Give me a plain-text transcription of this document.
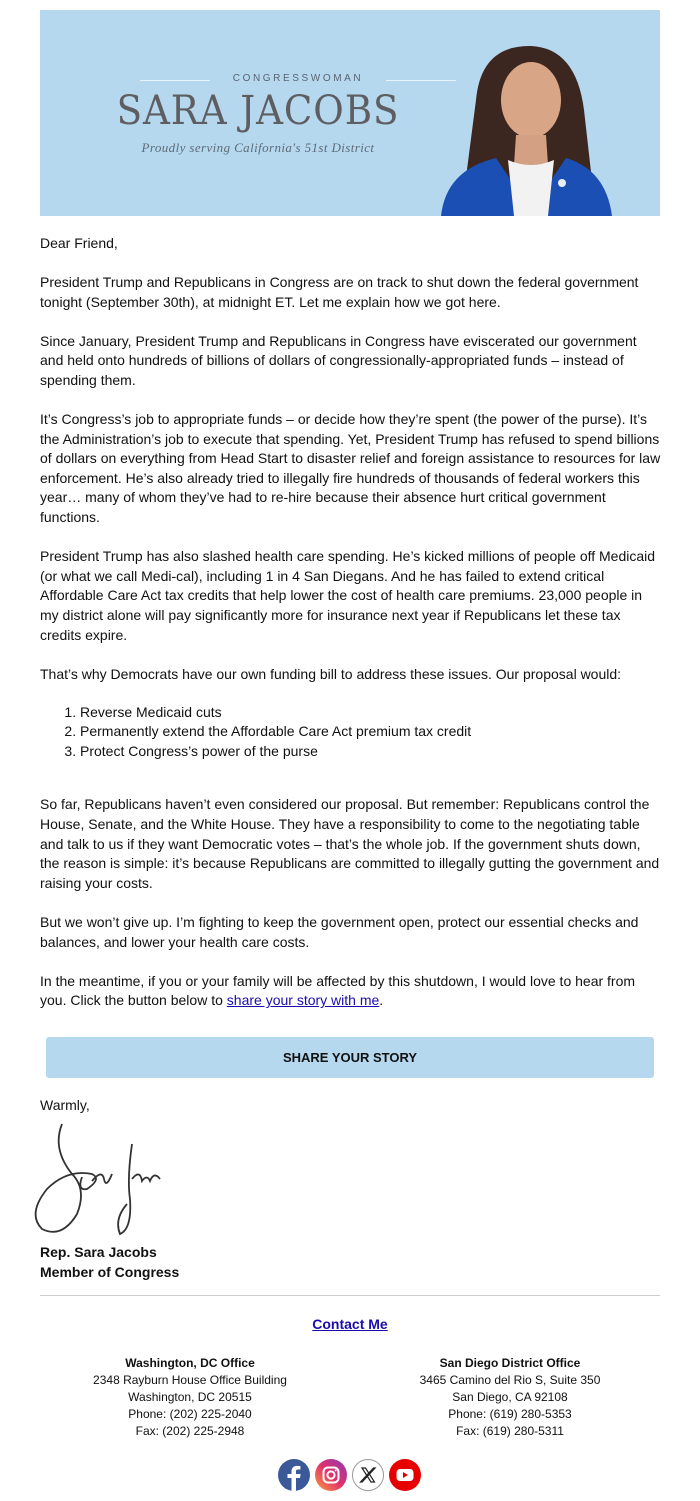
CONGRESSWOMAN
SARA JACOBS
Proudly serving California's 51st District

Dear Friend,

President Trump and Republicans in Congress are on track to shut down the federal government tonight (September 30th), at midnight ET. Let me explain how we got here.

Since January, President Trump and Republicans in Congress have eviscerated our government and held onto hundreds of billions of dollars of congressionally-appropriated funds – instead of spending them.

It’s Congress’s job to appropriate funds – or decide how they’re spent (the power of the purse). It’s the Administration’s job to execute that spending. Yet, President Trump has refused to spend billions of dollars on everything from Head Start to disaster relief and foreign assistance to resources for law enforcement. He’s also already tried to illegally fire hundreds of thousands of federal workers this year… many of whom they’ve had to re-hire because their absence hurt critical government functions.

President Trump has also slashed health care spending. He’s kicked millions of people off Medicaid (or what we call Medi-cal), including 1 in 4 San Diegans. And he has failed to extend critical Affordable Care Act tax credits that help lower the cost of health care premiums. 23,000 people in my district alone will pay significantly more for insurance next year if Republicans let these tax credits expire.

That’s why Democrats have our own funding bill to address these issues. Our proposal would:

1. Reverse Medicaid cuts
2. Permanently extend the Affordable Care Act premium tax credit
3. Protect Congress’s power of the purse

So far, Republicans haven’t even considered our proposal. But remember: Republicans control the House, Senate, and the White House. They have a responsibility to come to the negotiating table and talk to us if they want Democratic votes – that’s the whole job. If the government shuts down, the reason is simple: it’s because Republicans are committed to illegally gutting the government and raising your costs.

But we won’t give up. I’m fighting to keep the government open, protect our essential checks and balances, and lower your health care costs.

In the meantime, if you or your family will be affected by this shutdown, I would love to hear from you. Click the button below to share your story with me.

SHARE YOUR STORY
Warmly,
Rep. Sara Jacobs
Member of Congress
Contact Me
Washington, DC Office
2348 Rayburn House Office Building
Washington, DC 20515
Phone: (202) 225-2040
Fax: (202) 225-2948
San Diego District Office
3465 Camino del Rio S, Suite 350
San Diego, CA 92108
Phone: (619) 280-5353
Fax: (619) 280-5311
